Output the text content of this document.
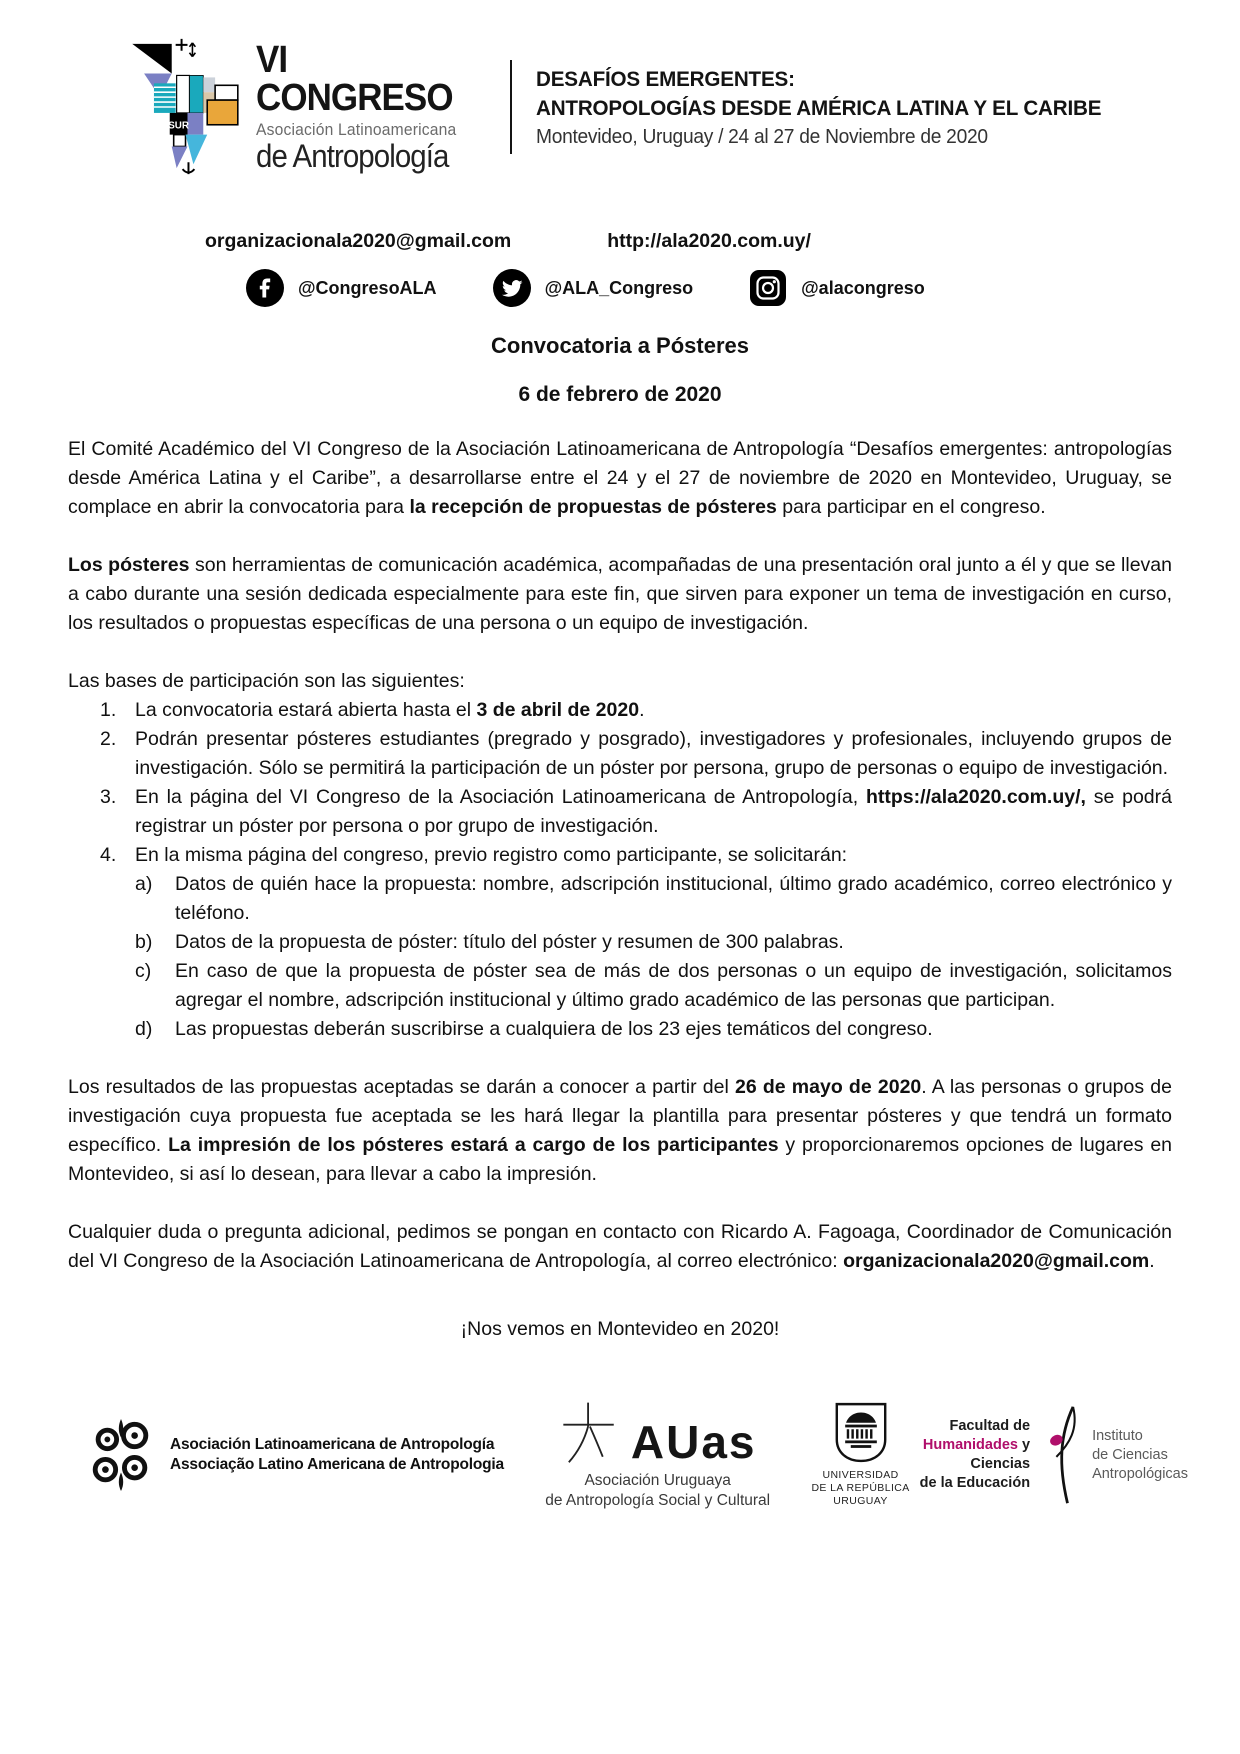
SUR
VI CONGRESO
Asociación Latinoamericana
de Antropología
DESAFÍOS EMERGENTES:
ANTROPOLOGÍAS DESDE AMÉRICA LATINA Y EL CARIBE
Montevideo, Uruguay / 24 al 27 de Noviembre de 2020
organizacionala2020@gmail.com	http://ala2020.com.uy/
@CongresoALA	@ALA_Congreso	@alacongreso
Convocatoria a Pósteres
6 de febrero de 2020

El Comité Académico del VI Congreso de la Asociación Latinoamericana de Antropología “Desafíos emergentes: antropologías desde América Latina y el Caribe”, a desarrollarse entre el 24 y el 27 de noviembre de 2020 en Montevideo, Uruguay, se complace en abrir la convocatoria para la recepción de propuestas de pósteres para participar en el congreso.

Los pósteres son herramientas de comunicación académica, acompañadas de una presentación oral junto a él y que se llevan a cabo durante una sesión dedicada especialmente para este fin, que sirven para exponer un tema de investigación en curso, los resultados o propuestas específicas de una persona o un equipo de investigación.

Las bases de participación son las siguientes:

1. La convocatoria estará abierta hasta el 3 de abril de 2020.
2. Podrán presentar pósteres estudiantes (pregrado y posgrado), investigadores y profesionales, incluyendo grupos de investigación. Sólo se permitirá la participación de un póster por persona, grupo de personas o equipo de investigación.
3. En la página del VI Congreso de la Asociación Latinoamericana de Antropología, https://ala2020.com.uy/, se podrá registrar un póster por persona o por grupo de investigación.
4. En la misma página del congreso, previo registro como participante, se solicitarán:
a) Datos de quién hace la propuesta: nombre, adscripción institucional, último grado académico, correo electrónico y teléfono.
b) Datos de la propuesta de póster: título del póster y resumen de 300 palabras.
c) En caso de que la propuesta de póster sea de más de dos personas o un equipo de investigación, solicitamos agregar el nombre, adscripción institucional y último grado académico de las personas que participan.
d) Las propuestas deberán suscribirse a cualquiera de los 23 ejes temáticos del congreso.

Los resultados de las propuestas aceptadas se darán a conocer a partir del 26 de mayo de 2020. A las personas o grupos de investigación cuya propuesta fue aceptada se les hará llegar la plantilla para presentar pósteres y que tendrá un formato específico. La impresión de los pósteres estará a cargo de los participantes y proporcionaremos opciones de lugares en Montevideo, si así lo desean, para llevar a cabo la impresión.

Cualquier duda o pregunta adicional, pedimos se pongan en contacto con Ricardo A. Fagoaga, Coordinador de Comunicación del VI Congreso de la Asociación Latinoamericana de Antropología, al correo electrónico: organizacionala2020@gmail.com.

¡Nos vemos en Montevideo en 2020!
Asociación Latinoamericana de Antropología
Associação Latino Americana de Antropologia	AUas
Asociación Uruguaya
de Antropología Social y Cultural
UNIVERSIDAD
DE LA REPÚBLICA
URUGUAY
Facultad de
Humanidades y
Ciencias
de la Educación
Instituto
de Ciencias
Antropológicas
